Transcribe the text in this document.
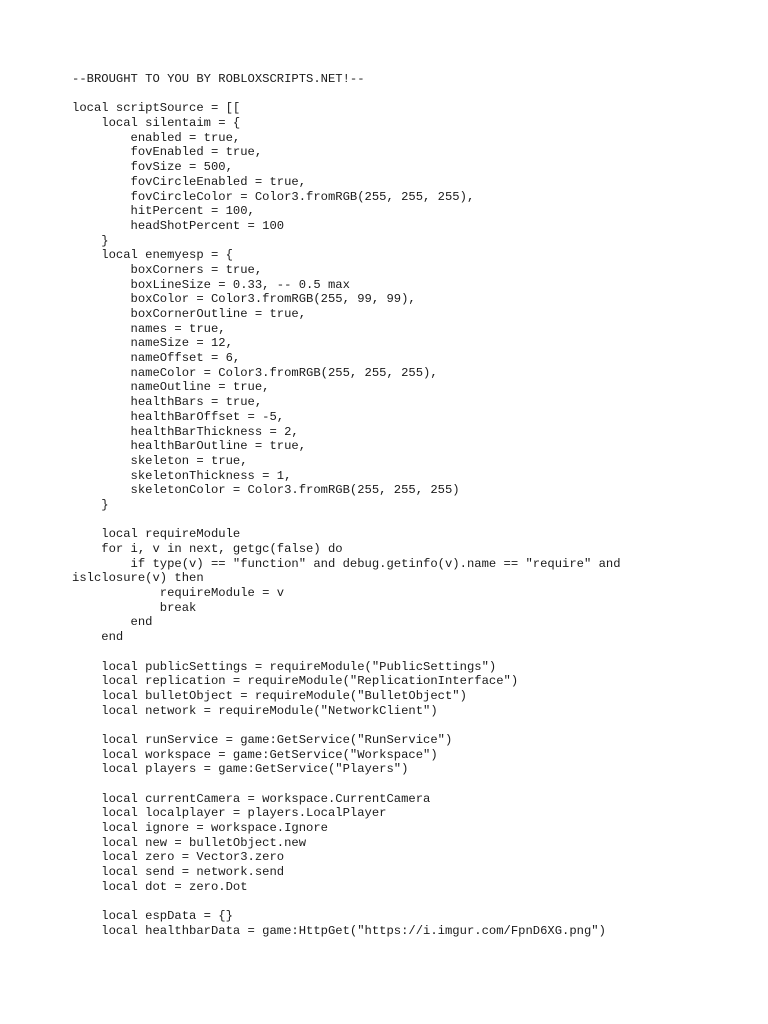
--BROUGHT TO YOU BY ROBLOXSCRIPTS.NET!--
local scriptSource = [[
local silentaim = {
enabled = true,
fovEnabled = true,
fovSize = 500,
fovCircleEnabled = true,
fovCircleColor = Color3.fromRGB(255, 255, 255),
hitPercent = 100,
headShotPercent = 100
}
local enemyesp = {
boxCorners = true,
boxLineSize = 0.33, -- 0.5 max
boxColor = Color3.fromRGB(255, 99, 99),
boxCornerOutline = true,
names = true,
nameSize = 12,
nameOffset = 6,
nameColor = Color3.fromRGB(255, 255, 255),
nameOutline = true,
healthBars = true,
healthBarOffset = -5,
healthBarThickness = 2,
healthBarOutline = true,
skeleton = true,
skeletonThickness = 1,
skeletonColor = Color3.fromRGB(255, 255, 255)
}
local requireModule
for i, v in next, getgc(false) do
if type(v) == "function" and debug.getinfo(v).name == "require" and
islclosure(v) then
requireModule = v
break
end
end
local publicSettings = requireModule("PublicSettings")
local replication = requireModule("ReplicationInterface")
local bulletObject = requireModule("BulletObject")
local network = requireModule("NetworkClient")
local runService = game:GetService("RunService")
local workspace = game:GetService("Workspace")
local players = game:GetService("Players")
local currentCamera = workspace.CurrentCamera
local localplayer = players.LocalPlayer
local ignore = workspace.Ignore
local new = bulletObject.new
local zero = Vector3.zero
local send = network.send
local dot = zero.Dot
local espData = {}
local healthbarData = game:HttpGet("https://i.imgur.com/FpnD6XG.png")
